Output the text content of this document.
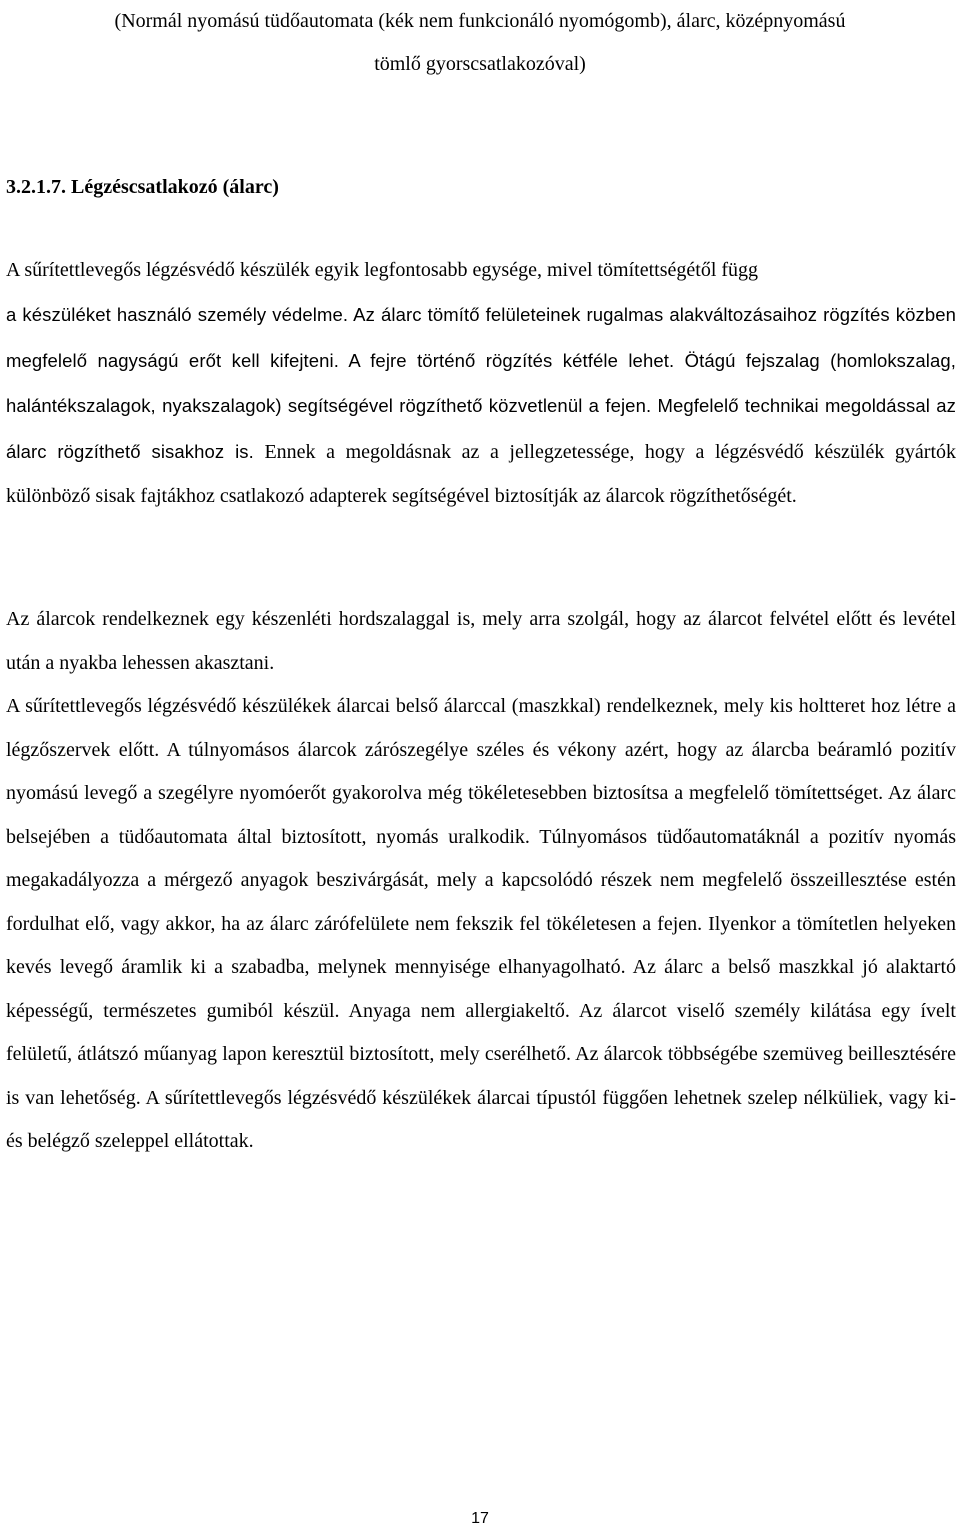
(Normál nyomású tüdőautomata (kék nem funkcionáló nyomógomb), álarc, középnyomású
tömlő gyorscsatlakozóval)
3.2.1.7. Légzéscsatlakozó (álarc)

A sűrítettlevegős légzésvédő készülék egyik legfontosabb egysége, mivel tömítettségétől függ

a készüléket használó személy védelme. Az álarc tömítő felületeinek rugalmas alakváltozásaihoz rögzítés közben megfelelő nagyságú erőt kell kifejteni. A fejre történő rögzítés kétféle lehet. Ötágú fejszalag (homlokszalag, halántékszalagok, nyakszalagok) segítségével rögzíthető közvetlenül a fejen. Megfelelő technikai megoldással az álarc rögzíthető sisakhoz is. Ennek a megoldásnak az a jellegzetessége, hogy a légzésvédő készülék gyártók különböző sisak fajtákhoz csatlakozó adapterek segítségével biztosítják az álarcok rögzíthetőségét.

Az álarcok rendelkeznek egy készenléti hordszalaggal is, mely arra szolgál, hogy az álarcot felvétel előtt és levétel után a nyakba lehessen akasztani.

A sűrítettlevegős légzésvédő készülékek álarcai belső álarccal (maszkkal) rendelkeznek, mely kis holtteret hoz létre a légzőszervek előtt. A túlnyomásos álarcok zárószegélye széles és vékony azért, hogy az álarcba beáramló pozitív nyomású levegő a szegélyre nyomóerőt gyakorolva még tökéletesebben biztosítsa a megfelelő tömítettséget. Az álarc belsejében a tüdőautomata által biztosított, nyomás uralkodik. Túlnyomásos tüdőautomatáknál a pozitív nyomás megakadályozza a mérgező anyagok beszivárgását, mely a kapcsolódó részek nem megfelelő összeillesztése estén fordulhat elő, vagy akkor, ha az álarc zárófelülete nem fekszik fel tökéletesen a fejen. Ilyenkor a tömítetlen helyeken kevés levegő áramlik ki a szabadba, melynek mennyisége elhanyagolható. Az álarc a belső maszkkal jó alaktartó képességű, természetes gumiból készül. Anyaga nem allergiakeltő. Az álarcot viselő személy kilátása egy ívelt felületű, átlátszó műanyag lapon keresztül biztosított, mely cserélhető. Az álarcok többségébe szemüveg beillesztésére is van lehetőség. A sűrítettlevegős légzésvédő készülékek álarcai típustól függően lehetnek szelep nélküliek, vagy ki-és belégző szeleppel ellátottak.

17
